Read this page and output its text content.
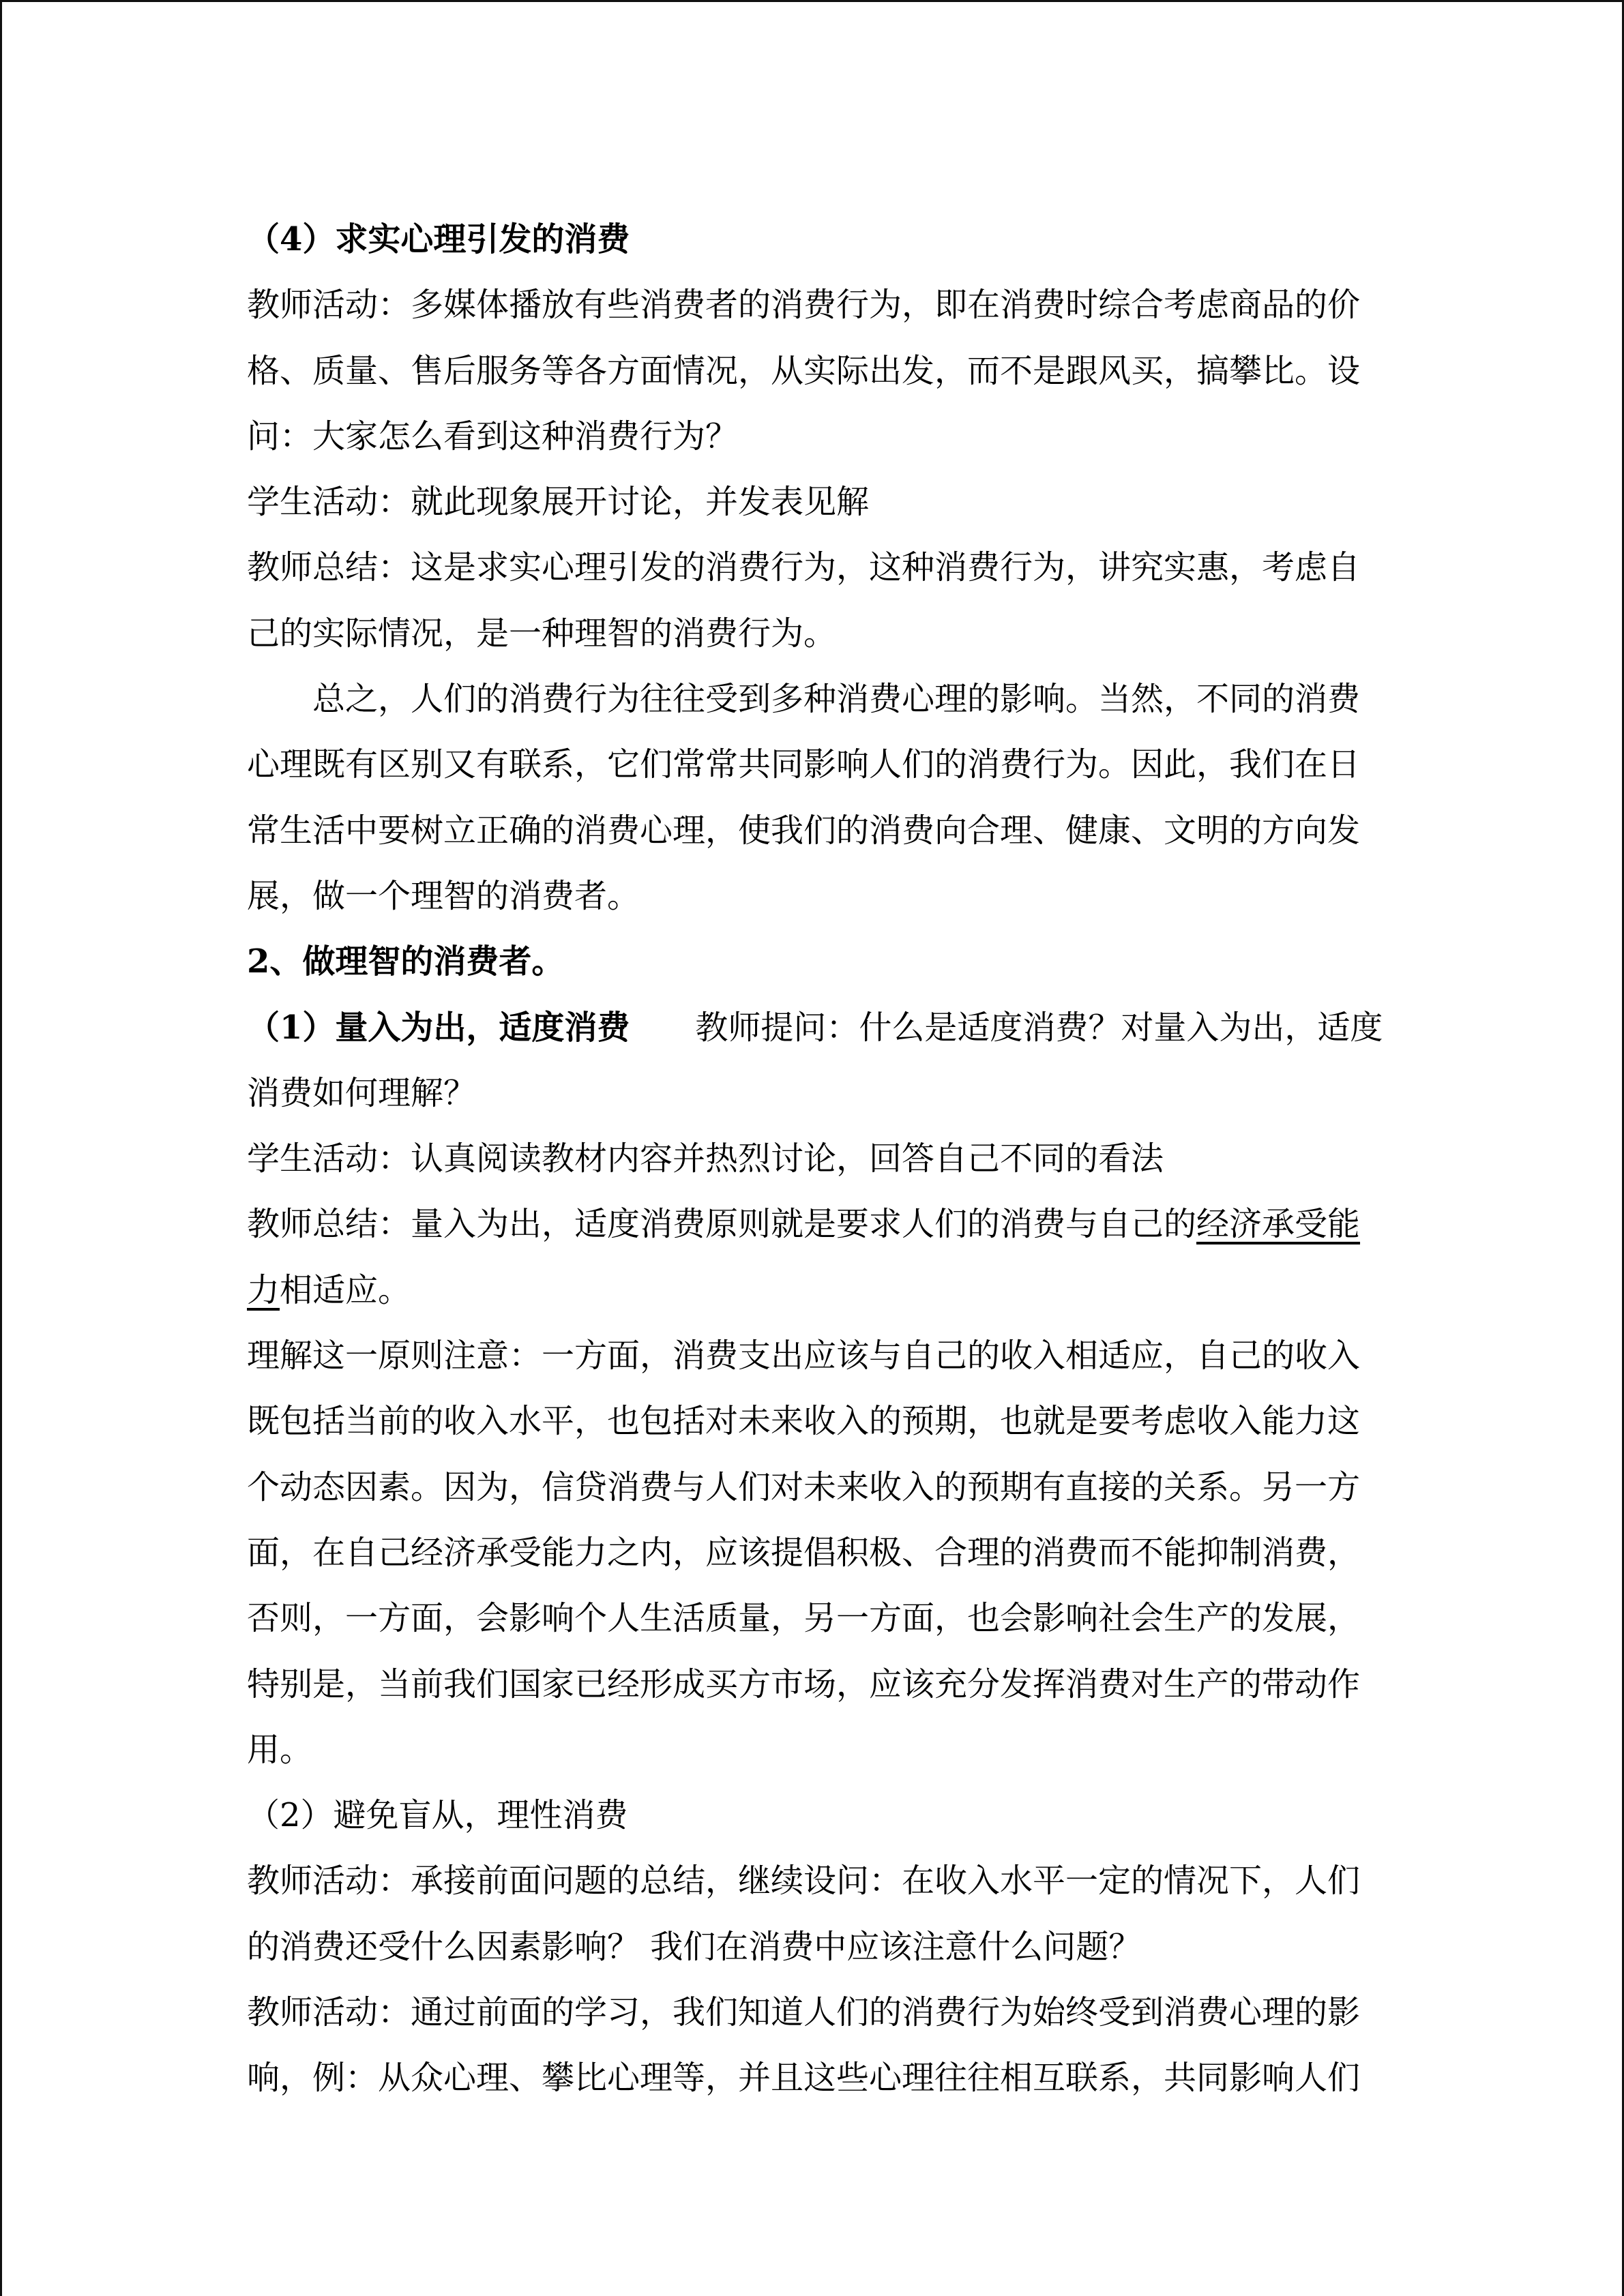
（4）求实心理引发的消费
教师活动：多媒体播放有些消费者的消费行为，即在消费时综合考虑商品的价
格、质量、售后服务等各方面情况，从实际出发，而不是跟风买，搞攀比。设
问：大家怎么看到这种消费行为？
学生活动：就此现象展开讨论，并发表见解
教师总结：这是求实心理引发的消费行为，这种消费行为，讲究实惠，考虑自
己的实际情况，是一种理智的消费行为。
总之，人们的消费行为往往受到多种消费心理的影响。当然，不同的消费
心理既有区别又有联系，它们常常共同影响人们的消费行为。因此，我们在日
常生活中要树立正确的消费心理，使我们的消费向合理、健康、文明的方向发
展，做一个理智的消费者。
2、做理智的消费者。
（1）量入为出，适度消费 教师提问：什么是适度消费？对量入为出，适度
消费如何理解？
学生活动：认真阅读教材内容并热烈讨论，回答自己不同的看法
教师总结：量入为出，适度消费原则就是要求人们的消费与自己的经济承受能
力相适应。
理解这一原则注意：一方面，消费支出应该与自己的收入相适应，自己的收入
既包括当前的收入水平，也包括对未来收入的预期，也就是要考虑收入能力这
个动态因素。因为，信贷消费与人们对未来收入的预期有直接的关系。另一方
面，在自己经济承受能力之内，应该提倡积极、合理的消费而不能抑制消费，
否则，一方面，会影响个人生活质量，另一方面，也会影响社会生产的发展，
特别是，当前我们国家已经形成买方市场，应该充分发挥消费对生产的带动作
用。
（2）避免盲从，理性消费
教师活动：承接前面问题的总结，继续设问：在收入水平一定的情况下，人们
的消费还受什么因素影响？ 我们在消费中应该注意什么问题？
教师活动：通过前面的学习，我们知道人们的消费行为始终受到消费心理的影
响，例：从众心理、攀比心理等，并且这些心理往往相互联系，共同影响人们
